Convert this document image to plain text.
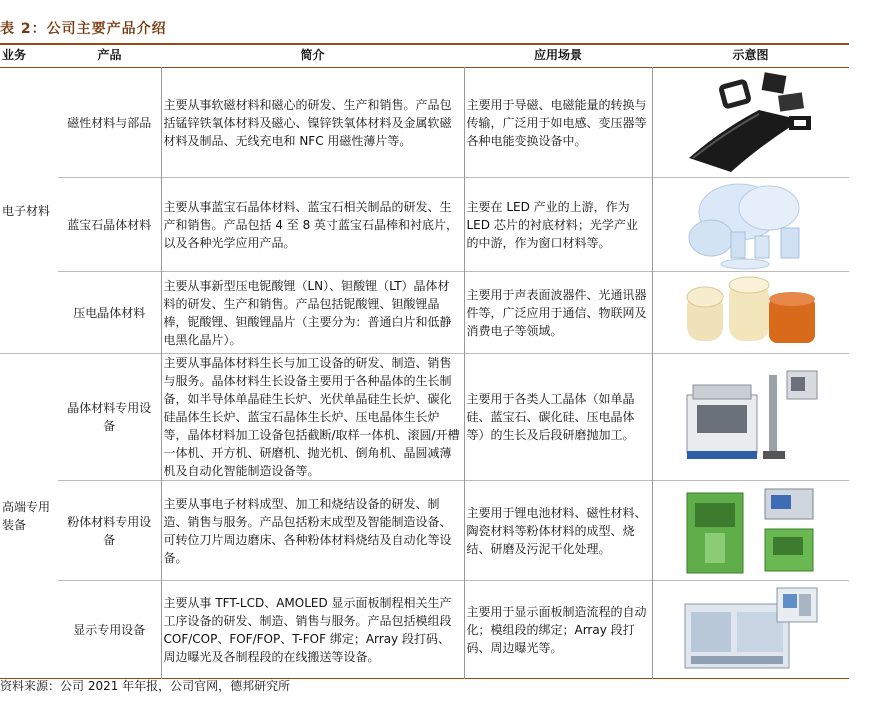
表 2：公司主要产品介绍
业务	产品	简介	应用场景	示意图
电子材料	磁性材料与部品	主要从事软磁材料和磁心的研发、生产和销售。产品包括锰锌铁氧体材料及磁心、镍锌铁氧体材料及金属软磁材料及制品、无线充电和 NFC 用磁性薄片等。	主要用于导磁、电磁能量的转换与传输，广泛用于如电感、变压器等各种电能变换设备中。	

	蓝宝石晶体材料	主要从事蓝宝石晶体材料、蓝宝石相关制品的研发、生产和销售。产品包括 4 至 8 英寸蓝宝石晶棒和衬底片，以及各种光学应用产品。	主要在 LED 产业的上游，作为LED 芯片的衬底材料；光学产业的中游，作为窗口材料等。	

	压电晶体材料	主要从事新型压电铌酸锂（LN）、钽酸锂（LT）晶体材料的研发、生产和销售。产品包括铌酸锂、钽酸锂晶棒，铌酸锂、钽酸锂晶片（主要分为：普通白片和低静电黑化晶片）。	主要用于声表面波器件、光通讯器件等，广泛应用于通信、物联网及消费电子等领域。	

高端专用装备	晶体材料专用设备	主要从事晶体材料生长与加工设备的研发、制造、销售与服务。晶体材料生长设备主要用于各种晶体的生长制备，如半导体单晶硅生长炉、光伏单晶硅生长炉、碳化硅晶体生长炉、蓝宝石晶体生长炉、压电晶体生长炉等，晶体材料加工设备包括截断/取样一体机、滚圆/开槽一体机、开方机、研磨机、抛光机、倒角机、晶圆减薄机及自动化智能制造设备等。	主要用于各类人工晶体（如单晶硅、蓝宝石、碳化硅、压电晶体等）的生长及后段研磨抛加工。	

	粉体材料专用设备	主要从事电子材料成型、加工和烧结设备的研发、制造、销售与服务。产品包括粉末成型及智能制造设备、可转位刀片周边磨床、各种粉体材料烧结及自动化等设备。	主要用于锂电池材料、磁性材料、陶瓷材料等粉体材料的成型、烧结、研磨及污泥干化处理。	

	显示专用设备	主要从事 TFT-LCD、AMOLED 显示面板制程相关生产工序设备的研发、制造、销售与服务。产品包括模组段COF/COP、FOF/FOP、T-FOF 绑定；Array 段打码、周边曝光及各制程段的在线搬送等设备。	主要用于显示面板制造流程的自动化；模组段的绑定；Array 段打码、周边曝光等。	
资料来源：公司 2021 年年报，公司官网，德邦研究所
